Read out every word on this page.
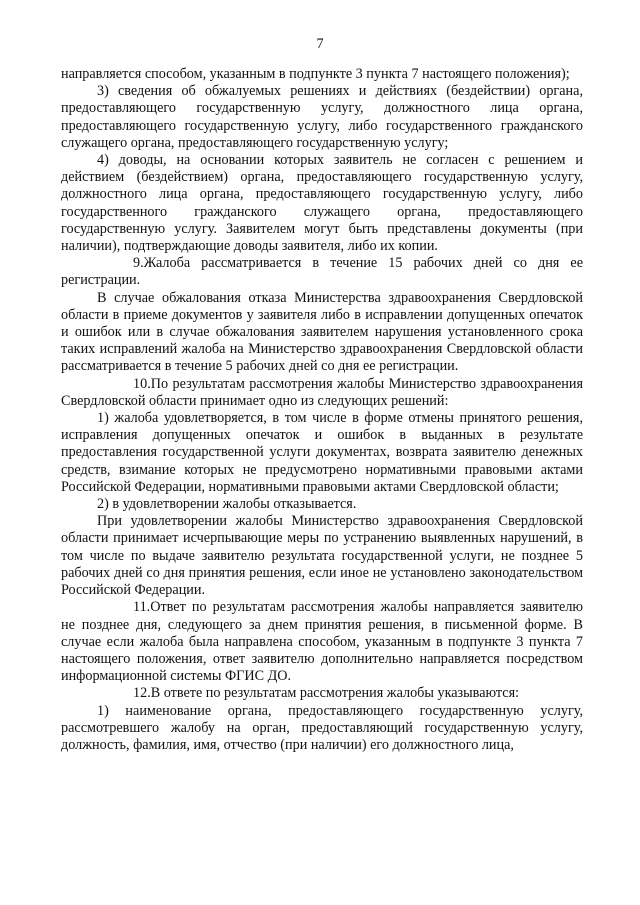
7

направляется способом, указанным в подпункте 3 пункта 7 настоящего положения);

3) сведения об обжалуемых решениях и действиях (бездействии) органа, предоставляющего государственную услугу, должностного лица органа, предоставляющего государственную услугу, либо государственного гражданского служащего органа, предоставляющего государственную услугу;

4) доводы, на основании которых заявитель не согласен с решением и действием (бездействием) органа, предоставляющего государственную услугу, должностного лица органа, предоставляющего государственную услугу, либо государственного гражданского служащего органа, предоставляющего государственную услугу. Заявителем могут быть представлены документы (при наличии), подтверждающие доводы заявителя, либо их копии.

9.Жалоба рассматривается в течение 15 рабочих дней со дня ее регистрации.

В случае обжалования отказа Министерства здравоохранения Свердловской области в приеме документов у заявителя либо в исправлении допущенных опечаток и ошибок или в случае обжалования заявителем нарушения установленного срока таких исправлений жалоба на Министерство здравоохранения Свердловской области рассматривается в течение 5 рабочих дней со дня ее регистрации.

10.По результатам рассмотрения жалобы Министерство здравоохранения Свердловской области принимает одно из следующих решений:

1) жалоба удовлетворяется, в том числе в форме отмены принятого решения, исправления допущенных опечаток и ошибок в выданных в результате предоставления государственной услуги документах, возврата заявителю денежных средств, взимание которых не предусмотрено нормативными правовыми актами Российской Федерации, нормативными правовыми актами Свердловской области;

2) в удовлетворении жалобы отказывается.

При удовлетворении жалобы Министерство здравоохранения Свердловской области принимает исчерпывающие меры по устранению выявленных нарушений, в том числе по выдаче заявителю результата государственной услуги, не позднее 5 рабочих дней со дня принятия решения, если иное не установлено законодательством Российской Федерации.

11.Ответ по результатам рассмотрения жалобы направляется заявителю не позднее дня, следующего за днем принятия решения, в письменной форме. В случае если жалоба была направлена способом, указанным в подпункте 3 пункта 7 настоящего положения, ответ заявителю дополнительно направляется посредством информационной системы ФГИС ДО.

12.В ответе по результатам рассмотрения жалобы указываются:

1) наименование органа, предоставляющего государственную услугу, рассмотревшего жалобу на орган, предоставляющий государственную услугу, должность, фамилия, имя, отчество (при наличии) его должностного лица,
